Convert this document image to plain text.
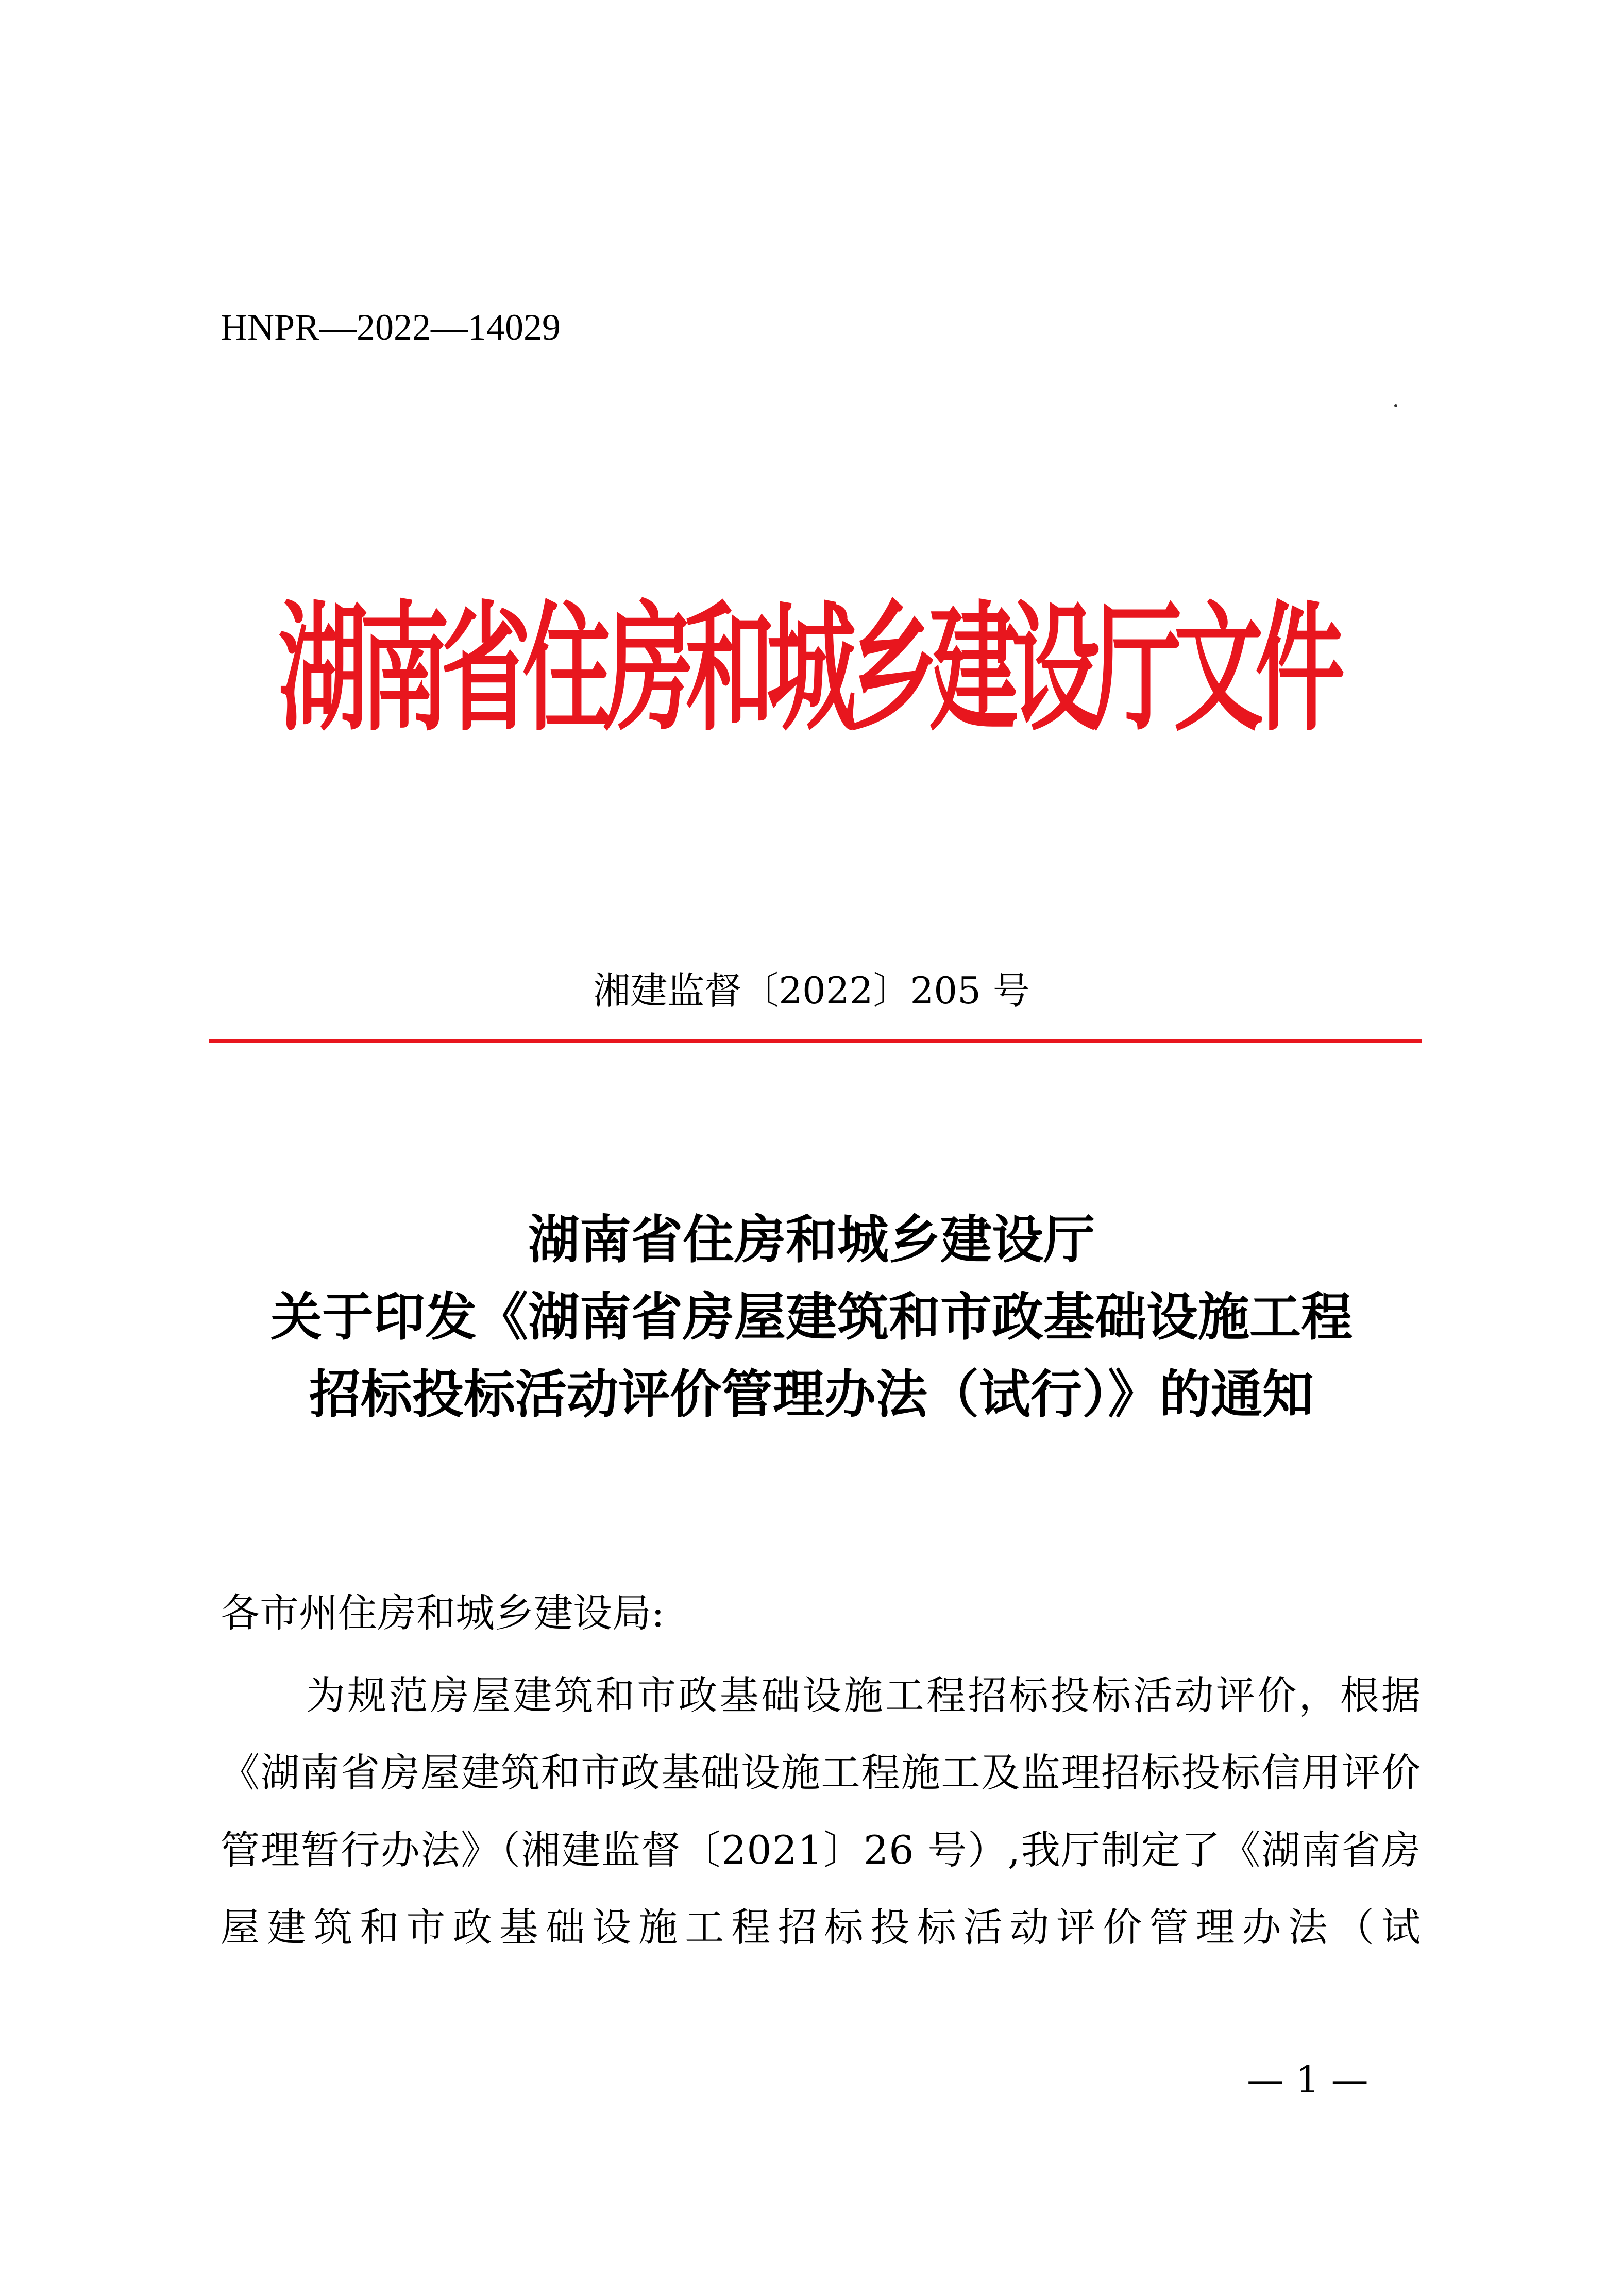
HNPR—2022—14029
湖南省住房和城乡建设厅文件
湘建监督〔2022〕205 号
湖南省住房和城乡建设厅
关于印发《湖南省房屋建筑和市政基础设施工程
招标投标活动评价管理办法（试行）》的通知
各市州住房和城乡建设局:
为规范房屋建筑和市政基础设施工程招标投标活动评价，根据《湖南省房屋建筑和市政基础设施工程施工及监理招标投标信用评价管理暂行办法》（湘建监督〔2021〕26 号）,我厅制定了《湖南省房屋建筑和市政基础设施工程招标投标活动评价管理办法（试
— 1 —
